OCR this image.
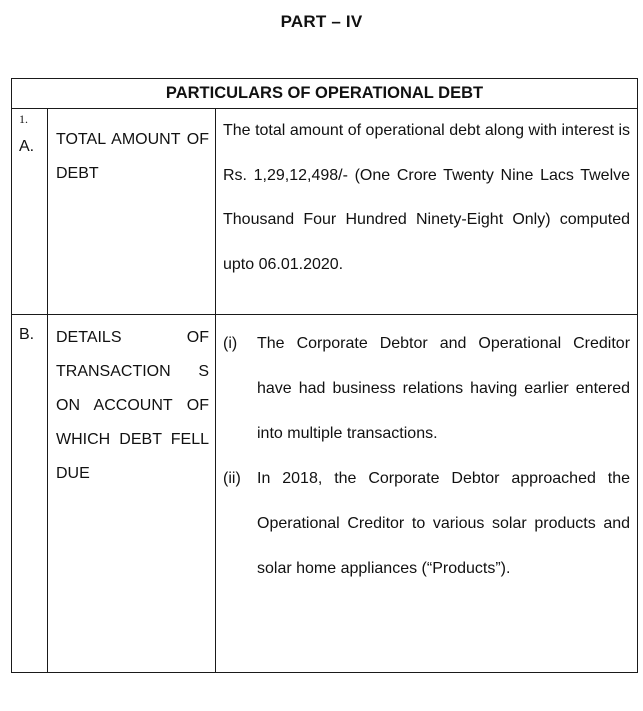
PART – IV
PARTICULARS OF OPERATIONAL DEBT		

1.
A.	TOTAL AMOUNT OF DEBT	The total amount of operational debt along with interest is Rs. 1,29,12,498/- (One Crore Twenty Nine Lacs Twelve Thousand Four Hundred Ninety-Eight Only) computed upto 06.01.2020.

B.	DETAILS OF TRANSACTION S ON ACCOUNT OF WHICH DEBT FELL DUE	(i) The Corporate Debtor and Operational Creditor have had business relations having earlier entered into multiple transactions.
(ii) In 2018, the Corporate Debtor approached the Operational Creditor to various solar products and solar home appliances (“Products”).
